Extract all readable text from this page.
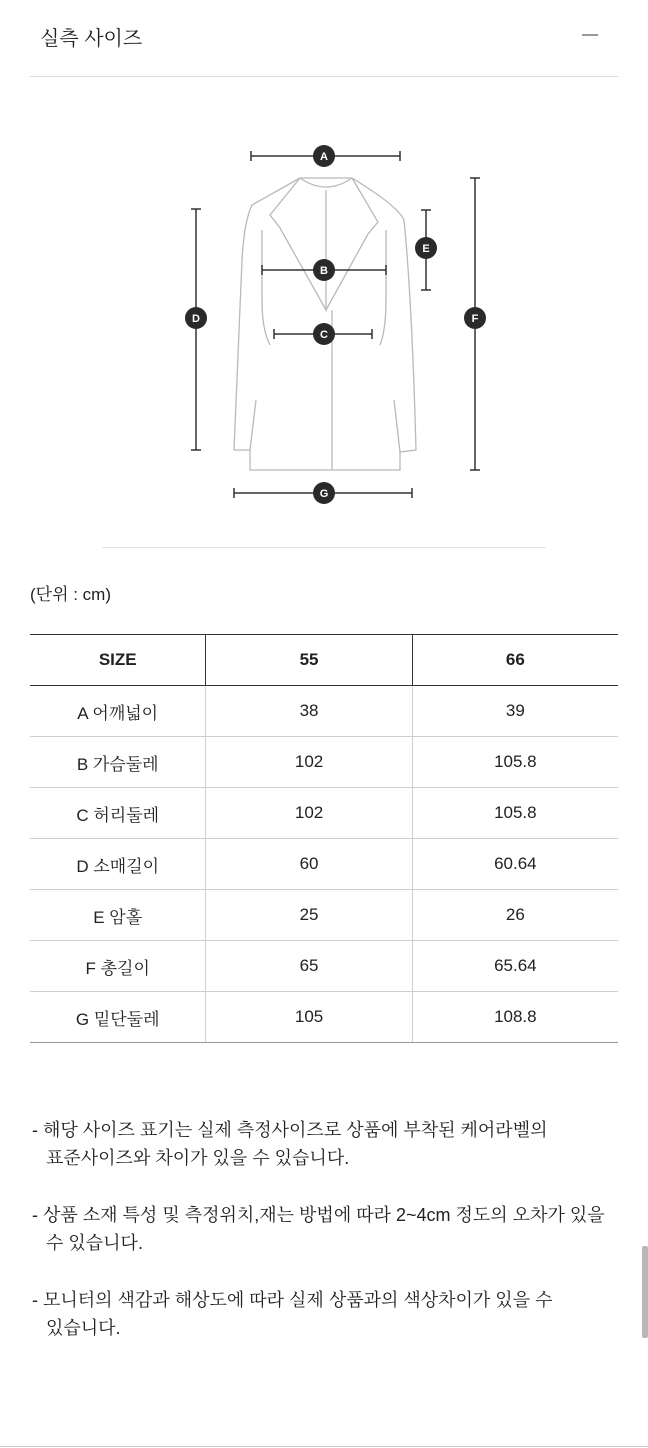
실측 사이즈
A
B
C
D
E
F
G
(단위 : cm)
SIZE	55	66
A 어깨넓이	38	39
B 가슴둘레	102	105.8
C 허리둘레	102	105.8
D 소매길이	60	60.64
E 암홀	25	26
F 총길이	65	65.64
G 밑단둘레	105	108.8

- 해당 사이즈 표기는 실제 측정사이즈로 상품에 부착된 케어라벨의
표준사이즈와 차이가 있을 수 있습니다.

- 상품 소재 특성 및 측정위치,재는 방법에 따라 2~4cm 정도의 오차가 있을
수 있습니다.

- 모니터의 색감과 해상도에 따라 실제 상품과의 색상차이가 있을 수
있습니다.
